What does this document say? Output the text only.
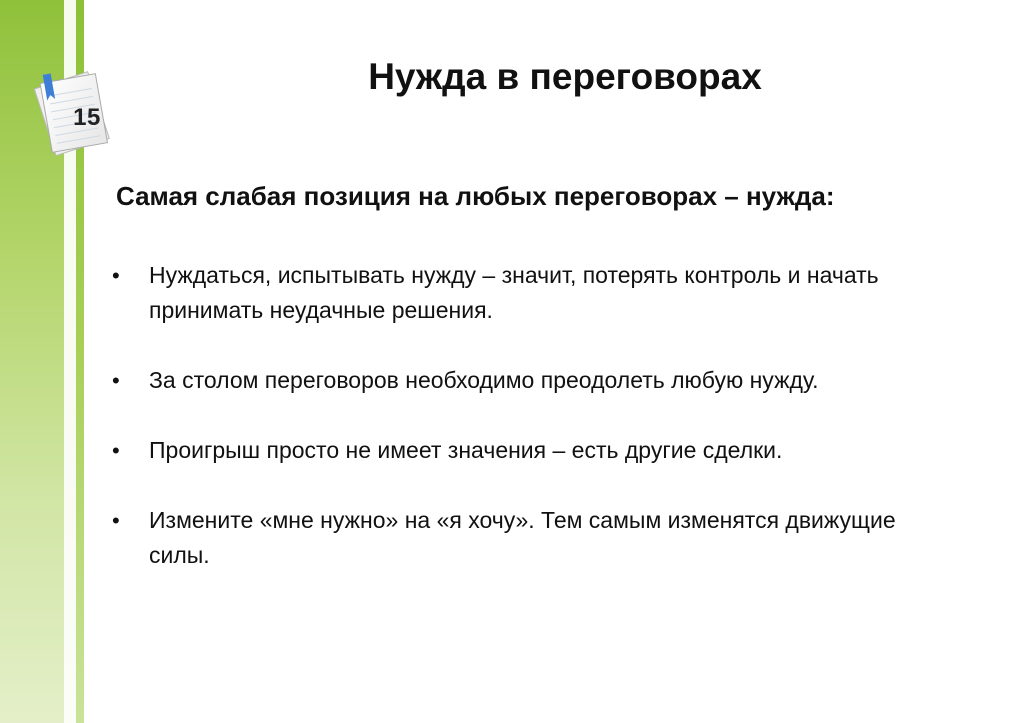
15
Нужда в переговорах
Самая слабая позиция на любых переговорах – нужда:
• Нуждаться, испытывать нужду – значит, потерять контроль и начать принимать неудачные решения.
• За столом переговоров необходимо преодолеть любую нужду.
• Проигрыш просто не имеет значения – есть другие сделки.
• Измените «мне нужно» на «я хочу». Тем самым изменятся движущие силы.
